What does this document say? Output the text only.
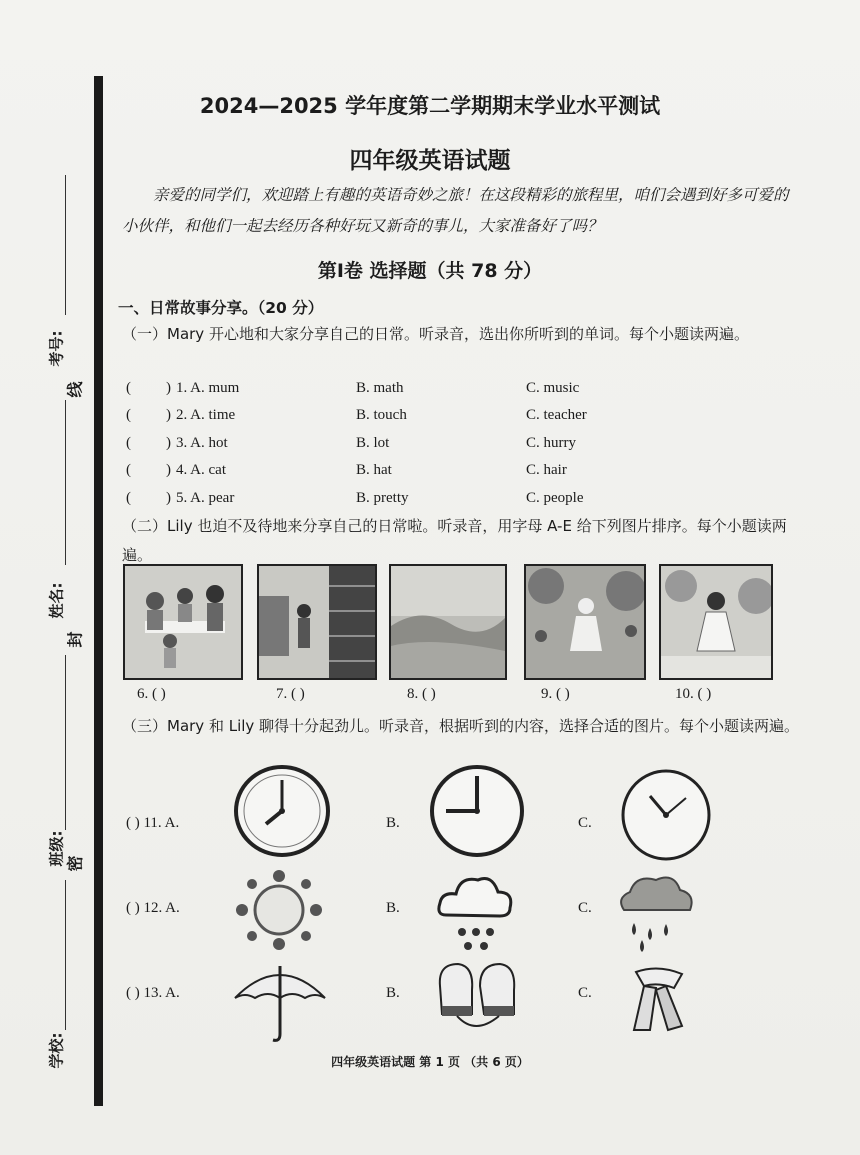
考号:
线
姓名:
封
班级: 密
学校:
2024—2025 学年度第二学期期末学业水平测试
四年级英语试题
亲爱的同学们，欢迎踏上有趣的英语奇妙之旅！在这段精彩的旅程里，咱们会遇到好多可爱的小伙伴，和他们一起去经历各种好玩又新奇的事儿，大家准备好了吗？
第Ⅰ卷 选择题（共 78 分）
一、日常故事分享。（20 分）
（一）Mary 开心地和大家分享自己的日常。听录音，选出你所听到的单词。每个小题读两遍。
( ) 1. A. mum	B. math	C. music
( ) 2. A. time	B. touch	C. teacher
( ) 3. A. hot	B. lot	C. hurry
( ) 4. A. cat	B. hat	C. hair
( ) 5. A. pear	B. pretty	C. people
（二）Lily 也迫不及待地来分享自己的日常啦。听录音，用字母 A-E 给下列图片排序。每个小题读两遍。
6. ( )	7. ( )	8. ( )	9. ( )	10. ( )
（三）Mary 和 Lily 聊得十分起劲儿。听录音，根据听到的内容，选择合适的图片。每个小题读两遍。
( ) 11. A.	B.	C.
( ) 12. A.	B.	C.
( ) 13. A.	B.	C.
四年级英语试题 第 1 页 （共 6 页）
